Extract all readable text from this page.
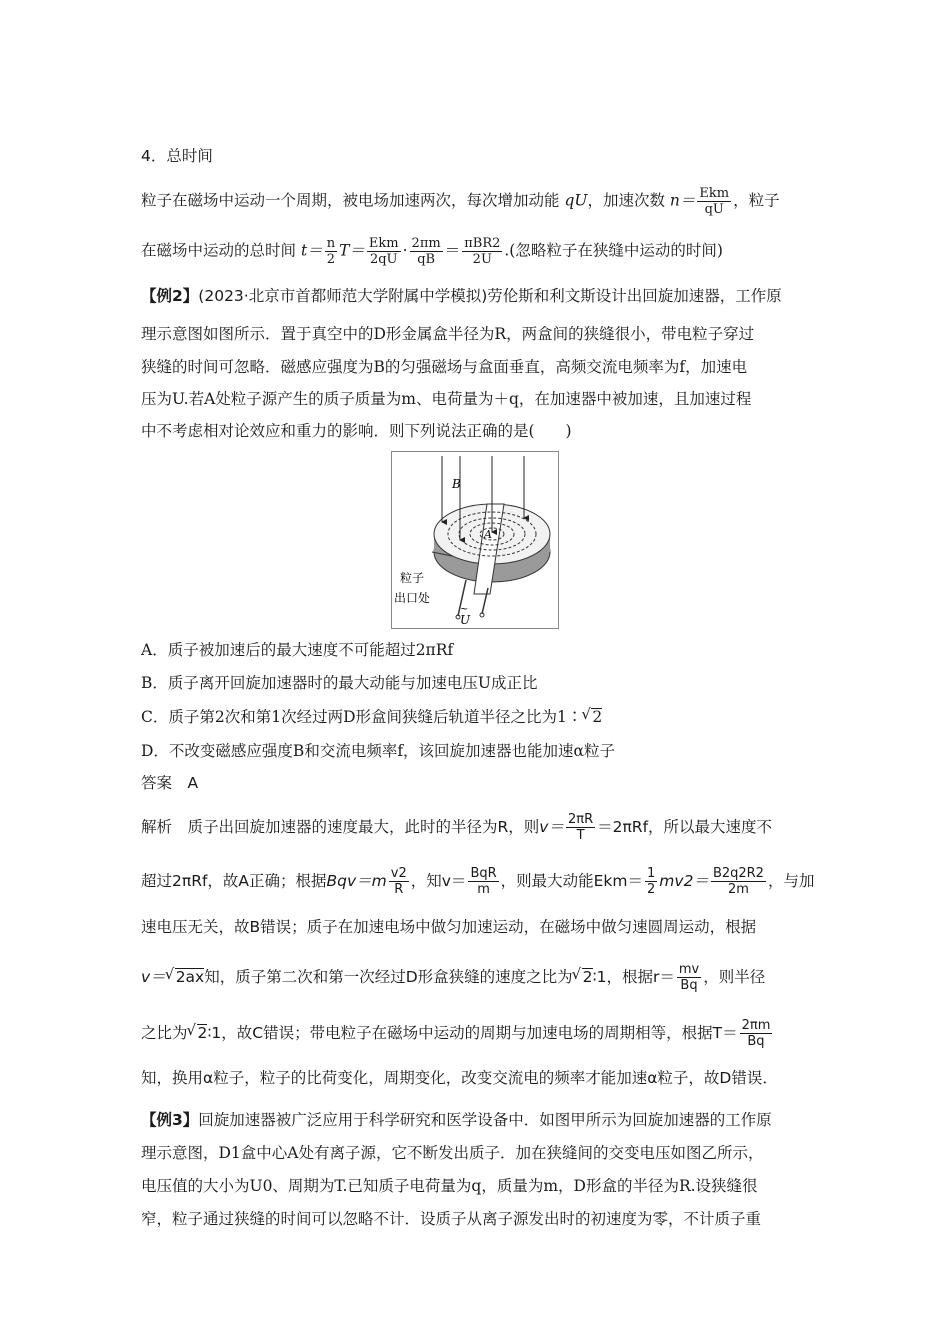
4．总时间
粒子在磁场中运动一个周期，被电场加速两次，每次增加动能 qU，加速次数 $n= \frac{\text{Ekm}}{qU}$ ，粒子
在磁场中运动的总时间 $t= \frac{n}{2} T= \frac{\text{Ekm}}{2qU} \cdot \frac{2\pi m}{qB} = \frac{\text{πBR2}}{2U}$ .(忽略粒子在狭缝中运动的时间)
【例2】(2023·北京市首都师范大学附属中学模拟)劳伦斯和利文斯设计出回旋加速器，工作原
理示意图如图所示．置于真空中的D形金属盒半径为R，两盒间的狭缝很小，带电粒子穿过
狭缝的时间可忽略．磁感应强度为B的匀强磁场与盒面垂直，高频交流电频率为f，加速电
压为U.若A处粒子源产生的质子质量为m、电荷量为＋q，在加速器中被加速，且加速过程
中不考虑相对论效应和重力的影响．则下列说法正确的是(　　)
B
A
粒子
出口处
U
~
A．质子被加速后的最大速度不可能超过2πRf
B．质子离开回旋加速器时的最大动能与加速电压U成正比
C．质子第2次和第1次经过两D形盒间狭缝后轨道半径之比为1∶ √ 2
D．不改变磁感应强度B和交流电频率f，该回旋加速器也能加速α粒子
答案　A
解析　质子出回旋加速器的速度最大，此时的半径为R，则$v= \frac{2\pi R}{T} =2\pi Rf$，所以最大速度不
超过2πRf，故A正确；根据$Bqv=m \frac{v2}{R}$ ，知$v= \frac{\text{BqR}}{m}$ ，则最大动能$Ekm= \frac{1}{2} mv2= \frac{B2q2R2}{2m}$ ，与加
速电压无关，故B错误；质子在加速电场中做匀加速运动，在磁场中做匀速圆周运动，根据
v＝ √ 2ax知，质子第二次和第一次经过D形盒狭缝的速度之比为 √ 2∶1，根据$r= \frac{mv}{Bq}$ ，则半径
之比为 √ 2∶1，故C错误；带电粒子在磁场中运动的周期与加速电场的周期相等，根据$T= \frac{2\pi m}{Bq}$
知，换用α粒子，粒子的比荷变化，周期变化，改变交流电的频率才能加速α粒子，故D错误．
【例3】回旋加速器被广泛应用于科学研究和医学设备中．如图甲所示为回旋加速器的工作原
理示意图，D1盒中心A处有离子源，它不断发出质子．加在狭缝间的交变电压如图乙所示，
电压值的大小为U0、周期为T.已知质子电荷量为q，质量为m，D形盒的半径为R.设狭缝很
窄，粒子通过狭缝的时间可以忽略不计．设质子从离子源发出时的初速度为零，不计质子重
